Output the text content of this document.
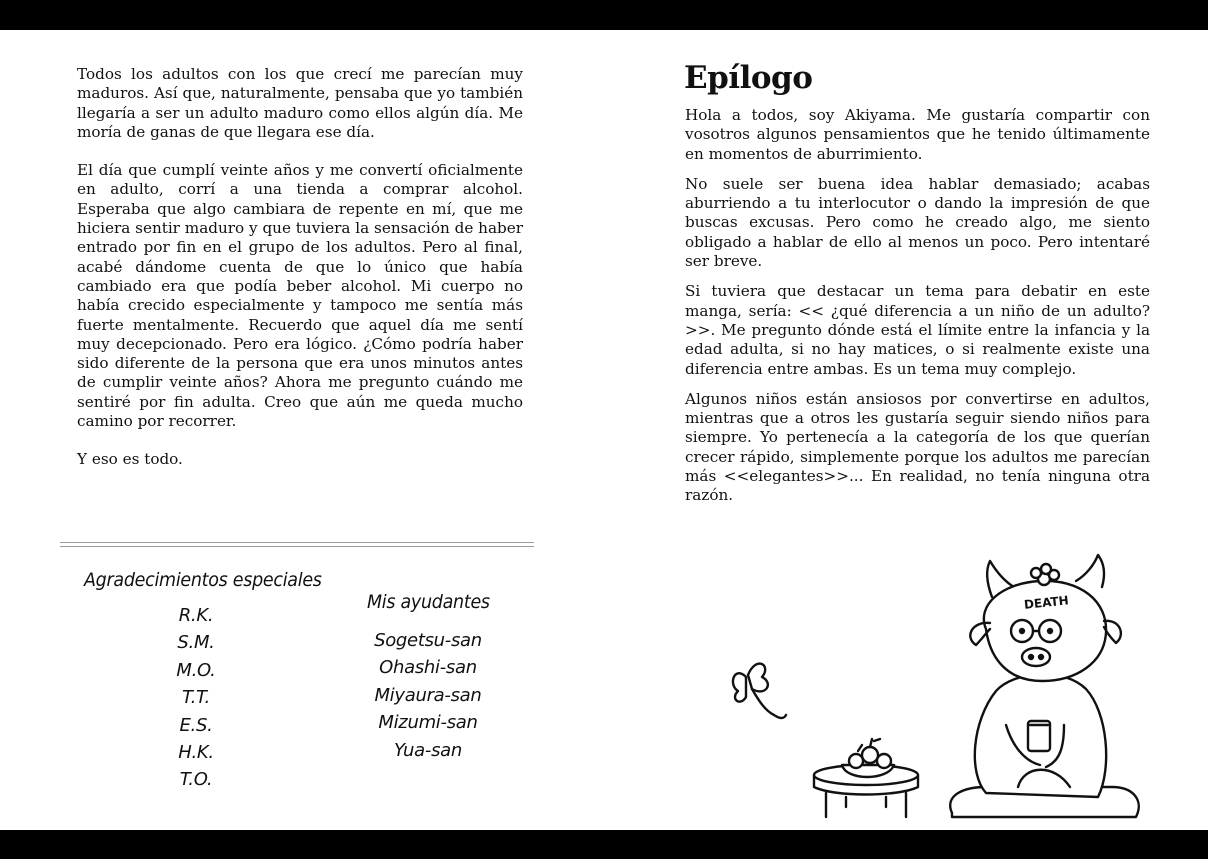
Todos los adultos con los que crecí me parecían muy maduros. Así que, naturalmente, pensaba que yo también llegaría a ser un adulto maduro como ellos algún día. Me moría de ganas de que llegara ese día.

El día que cumplí veinte años y me convertí oficialmente en adulto, corrí a una tienda a comprar alcohol. Esperaba que algo cambiara de repente en mí, que me hiciera sentir maduro y que tuviera la sensación de haber entrado por fin en el grupo de los adultos. Pero al final, acabé dándome cuenta de que lo único que había cambiado era que podía beber alcohol. Mi cuerpo no había crecido especialmente y tampoco me sentía más fuerte mentalmente. Recuerdo que aquel día me sentí muy decepcionado. Pero era lógico. ¿Cómo podría haber sido diferente de la persona que era unos minutos antes de cumplir veinte años? Ahora me pregunto cuándo me sentiré por fin adulta. Creo que aún me queda mucho camino por recorrer.

Y eso es todo.

Agradecimientos especiales
R.K.
S.M.
M.O.
T.T.
E.S.
H.K.
T.O.
Mis ayudantes
Sogetsu-san
Ohashi-san
Miyaura-san
Mizumi-san
Yua-san
Epílogo

Hola a todos, soy Akiyama. Me gustaría compartir con vosotros algunos pensamientos que he tenido últimamente en momentos de aburrimiento.

No suele ser buena idea hablar demasiado; acabas aburriendo a tu interlocutor o dando la impresión de que buscas excusas. Pero como he creado algo, me siento obligado a hablar de ello al menos un poco. Pero intentaré ser breve.

Si tuviera que destacar un tema para debatir en este manga, sería: << ¿qué diferencia a un niño de un adulto? >>. Me pregunto dónde está el límite entre la infancia y la edad adulta, si no hay matices, o si realmente existe una diferencia entre ambas. Es un tema muy complejo.

Algunos niños están ansiosos por convertirse en adultos, mientras que a otros les gustaría seguir siendo niños para siempre. Yo pertenecía a la categoría de los que querían crecer rápido, simplemente porque los adultos me parecían más <<elegantes>>... En realidad, no tenía ninguna otra razón.

DEATH
